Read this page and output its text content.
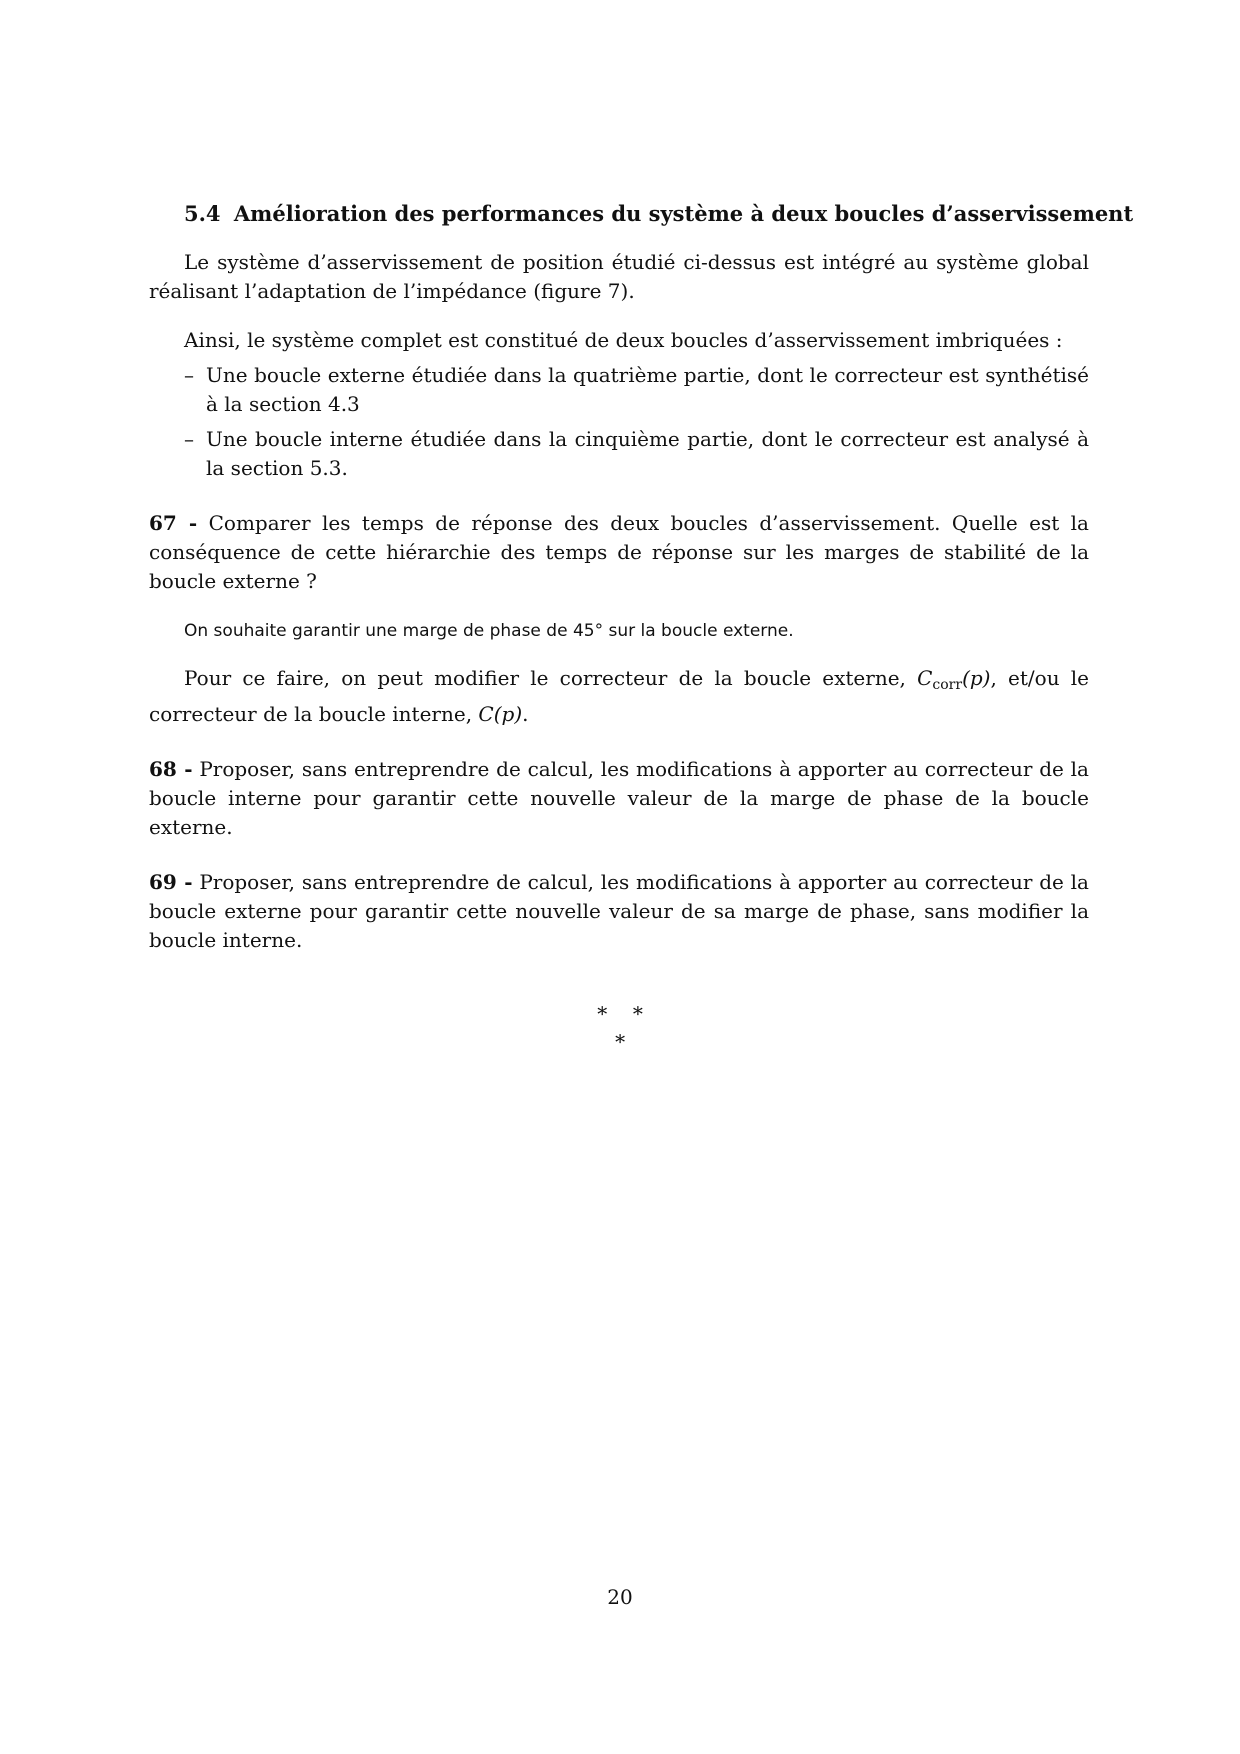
5.4 Amélioration des performances du système à deux boucles d’asservissement

Le système d’asservissement de position étudié ci-dessus est intégré au système global réalisant l’adaptation de l’impédance (figure 7).

Ainsi, le système complet est constitué de deux boucles d’asservissement imbriquées :

– Une boucle externe étudiée dans la quatrième partie, dont le correcteur est synthétisé à la section 4.3
– Une boucle interne étudiée dans la cinquième partie, dont le correcteur est analysé à la section 5.3.

67 - Comparer les temps de réponse des deux boucles d’asservissement. Quelle est la conséquence de cette hiérarchie des temps de réponse sur les marges de stabilité de la boucle externe ?

On souhaite garantir une marge de phase de 45° sur la boucle externe.

Pour ce faire, on peut modifier le correcteur de la boucle externe, $C_{corr}(p)$, et/ou le correcteur de la boucle interne, C(p).

68 - Proposer, sans entreprendre de calcul, les modifications à apporter au correcteur de la boucle interne pour garantir cette nouvelle valeur de la marge de phase de la boucle externe.

69 - Proposer, sans entreprendre de calcul, les modifications à apporter au correcteur de la boucle externe pour garantir cette nouvelle valeur de sa marge de phase, sans modifier la boucle interne.

∗∗
∗
20
